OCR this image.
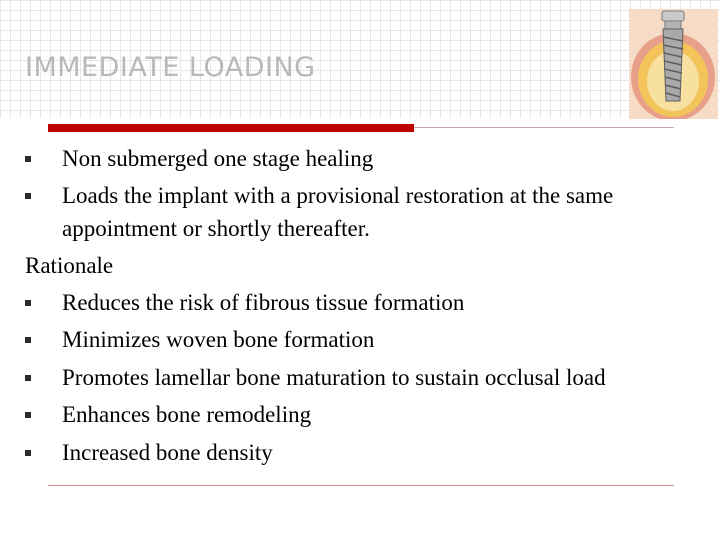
IMMEDIATE LOADING
Non submerged one stage healing
Loads the implant with a provisional restoration at the same
appointment or shortly thereafter.
Rationale
Reduces the risk of fibrous tissue formation
Minimizes woven bone formation
Promotes lamellar bone maturation to sustain occlusal load
Enhances bone remodeling
Increased bone density
